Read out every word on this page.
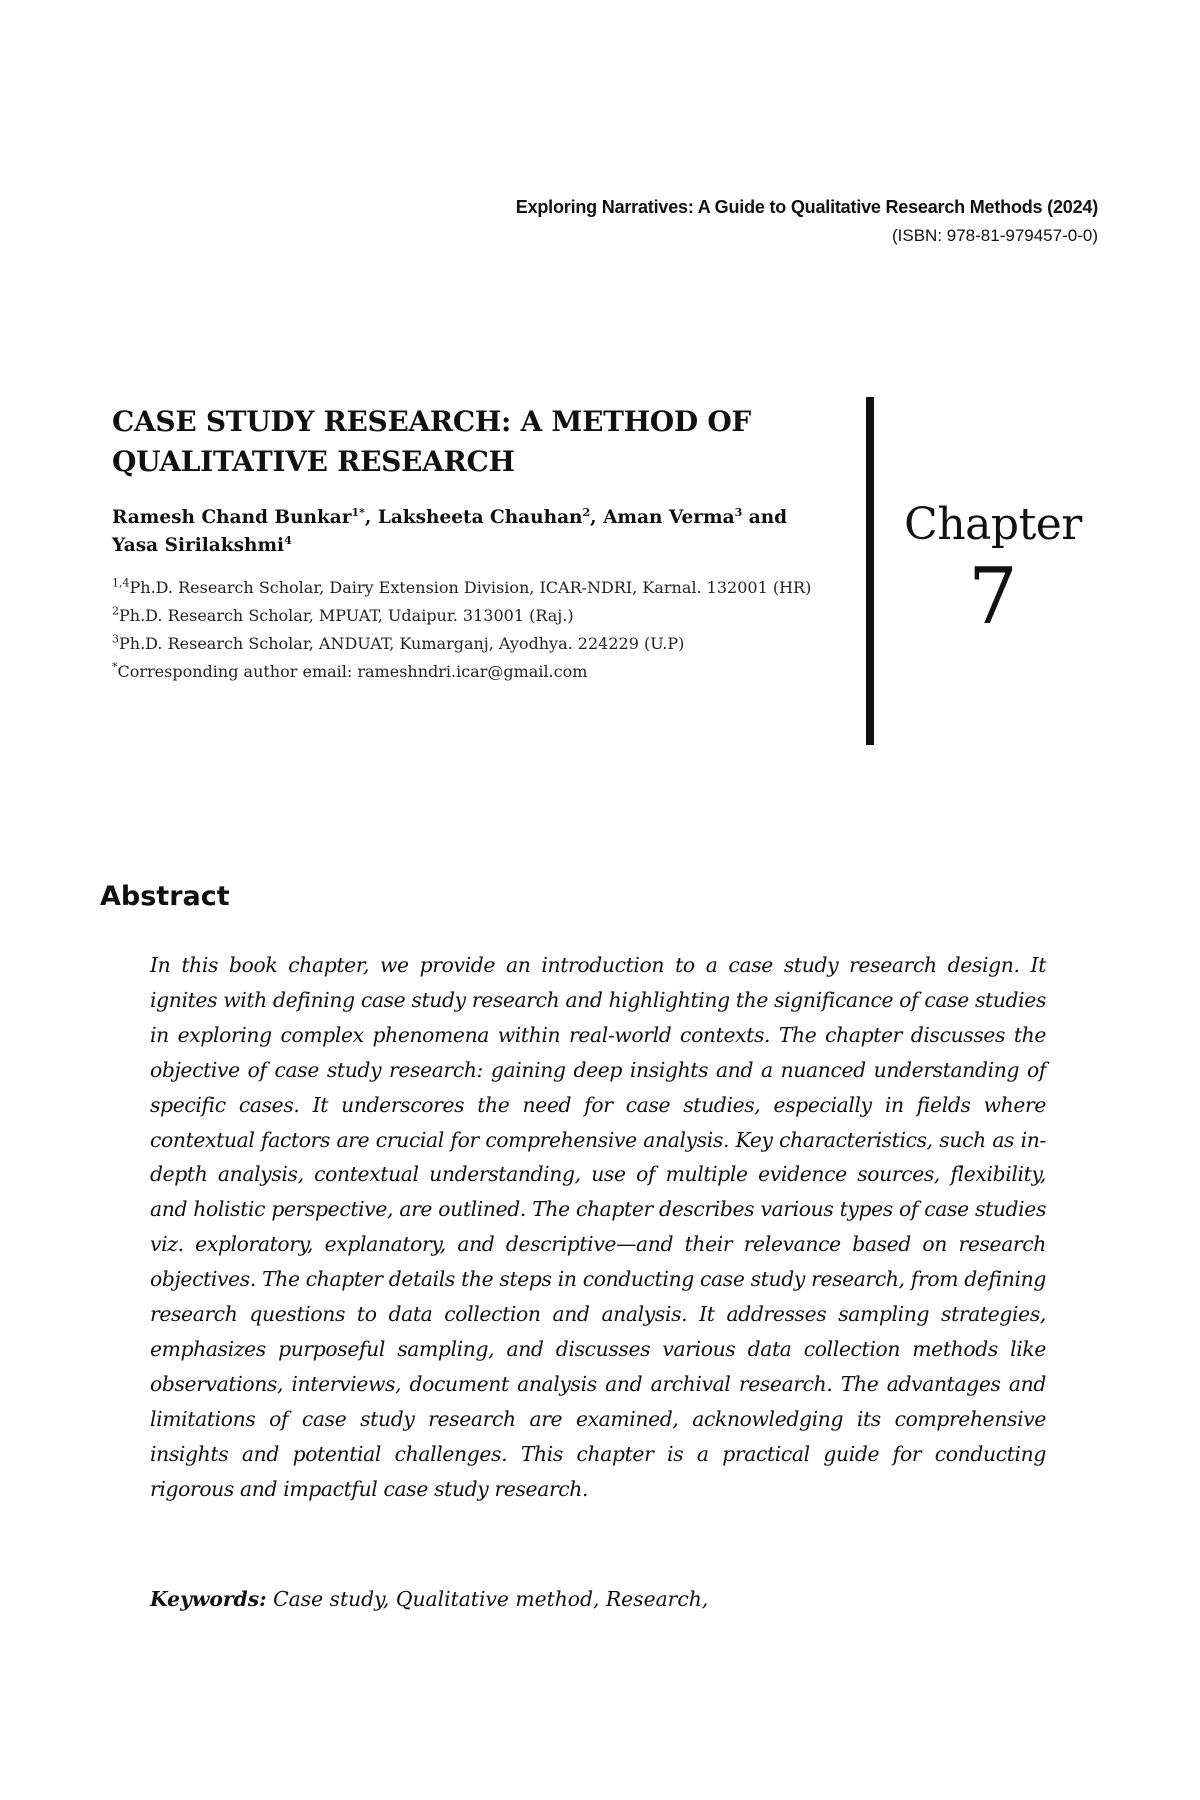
Exploring Narratives: A Guide to Qualitative Research Methods (2024)
(ISBN: 978-81-979457-0-0)
CASE STUDY RESEARCH: A METHOD OF
QUALITATIVE RESEARCH
Ramesh Chand Bunkar$^{1*}$, Laksheeta Chauhan$^2$, Aman Verma$^3$ and
Yasa Sirilakshmi$^4$

$^{1,4}$Ph.D. Research Scholar, Dairy Extension Division, ICAR-NDRI, Karnal. 132001 (HR)

$^2$Ph.D. Research Scholar, MPUAT, Udaipur. 313001 (Raj.)

$^3$Ph.D. Research Scholar, ANDUAT, Kumarganj, Ayodhya. 224229 (U.P)

*Corresponding author email: rameshndri.icar@gmail.com

Chapter
7
Abstract

In this book chapter, we provide an introduction to a case study research design. It ignites with defining case study research and highlighting the significance of case studies in exploring complex phenomena within real-world contexts. The chapter discusses the objective of case study research: gaining deep insights and a nuanced understanding of specific cases. It underscores the need for case studies, especially in fields where contextual factors are crucial for comprehensive analysis. Key characteristics, such as in-depth analysis, contextual understanding, use of multiple evidence sources, flexibility, and holistic perspective, are outlined. The chapter describes various types of case studies viz. exploratory, explanatory, and descriptive—and their relevance based on research objectives. The chapter details the steps in conducting case study research, from defining research questions to data collection and analysis. It addresses sampling strategies, emphasizes purposeful sampling, and discusses various data collection methods like observations, interviews, document analysis and archival research. The advantages and limitations of case study research are examined, acknowledging its comprehensive insights and potential challenges. This chapter is a practical guide for conducting rigorous and impactful case study research.

Keywords: Case study, Qualitative method, Research,
